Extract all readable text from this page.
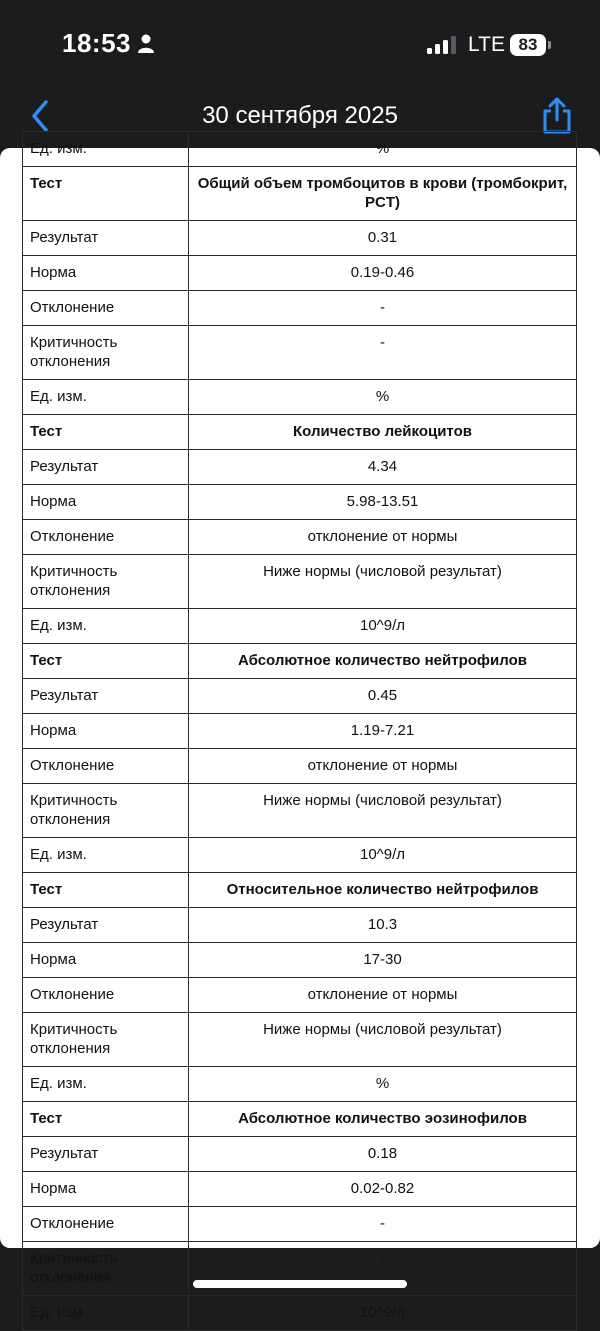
18:53	LTE 83
30 сентября 2025
Ед. изм.	%
Тест	Общий объем тромбоцитов в крови (тромбокрит, PCT)
Результат	0.31
Норма	0.19-0.46
Отклонение	-
Критичность отклонения	-
Ед. изм.	%
Тест	Количество лейкоцитов
Результат	4.34
Норма	5.98-13.51
Отклонение	отклонение от нормы
Критичность отклонения	Ниже нормы (числовой результат)
Ед. изм.	10^9/л
Тест	Абсолютное количество нейтрофилов
Результат	0.45
Норма	1.19-7.21
Отклонение	отклонение от нормы
Критичность отклонения	Ниже нормы (числовой результат)
Ед. изм.	10^9/л
Тест	Относительное количество нейтрофилов
Результат	10.3
Норма	17-30
Отклонение	отклонение от нормы
Критичность отклонения	Ниже нормы (числовой результат)
Ед. изм.	%
Тест	Абсолютное количество эозинофилов
Результат	0.18
Норма	0.02-0.82
Отклонение	-
Критичность отклонения	-
Ед. изм.	10^9/л
